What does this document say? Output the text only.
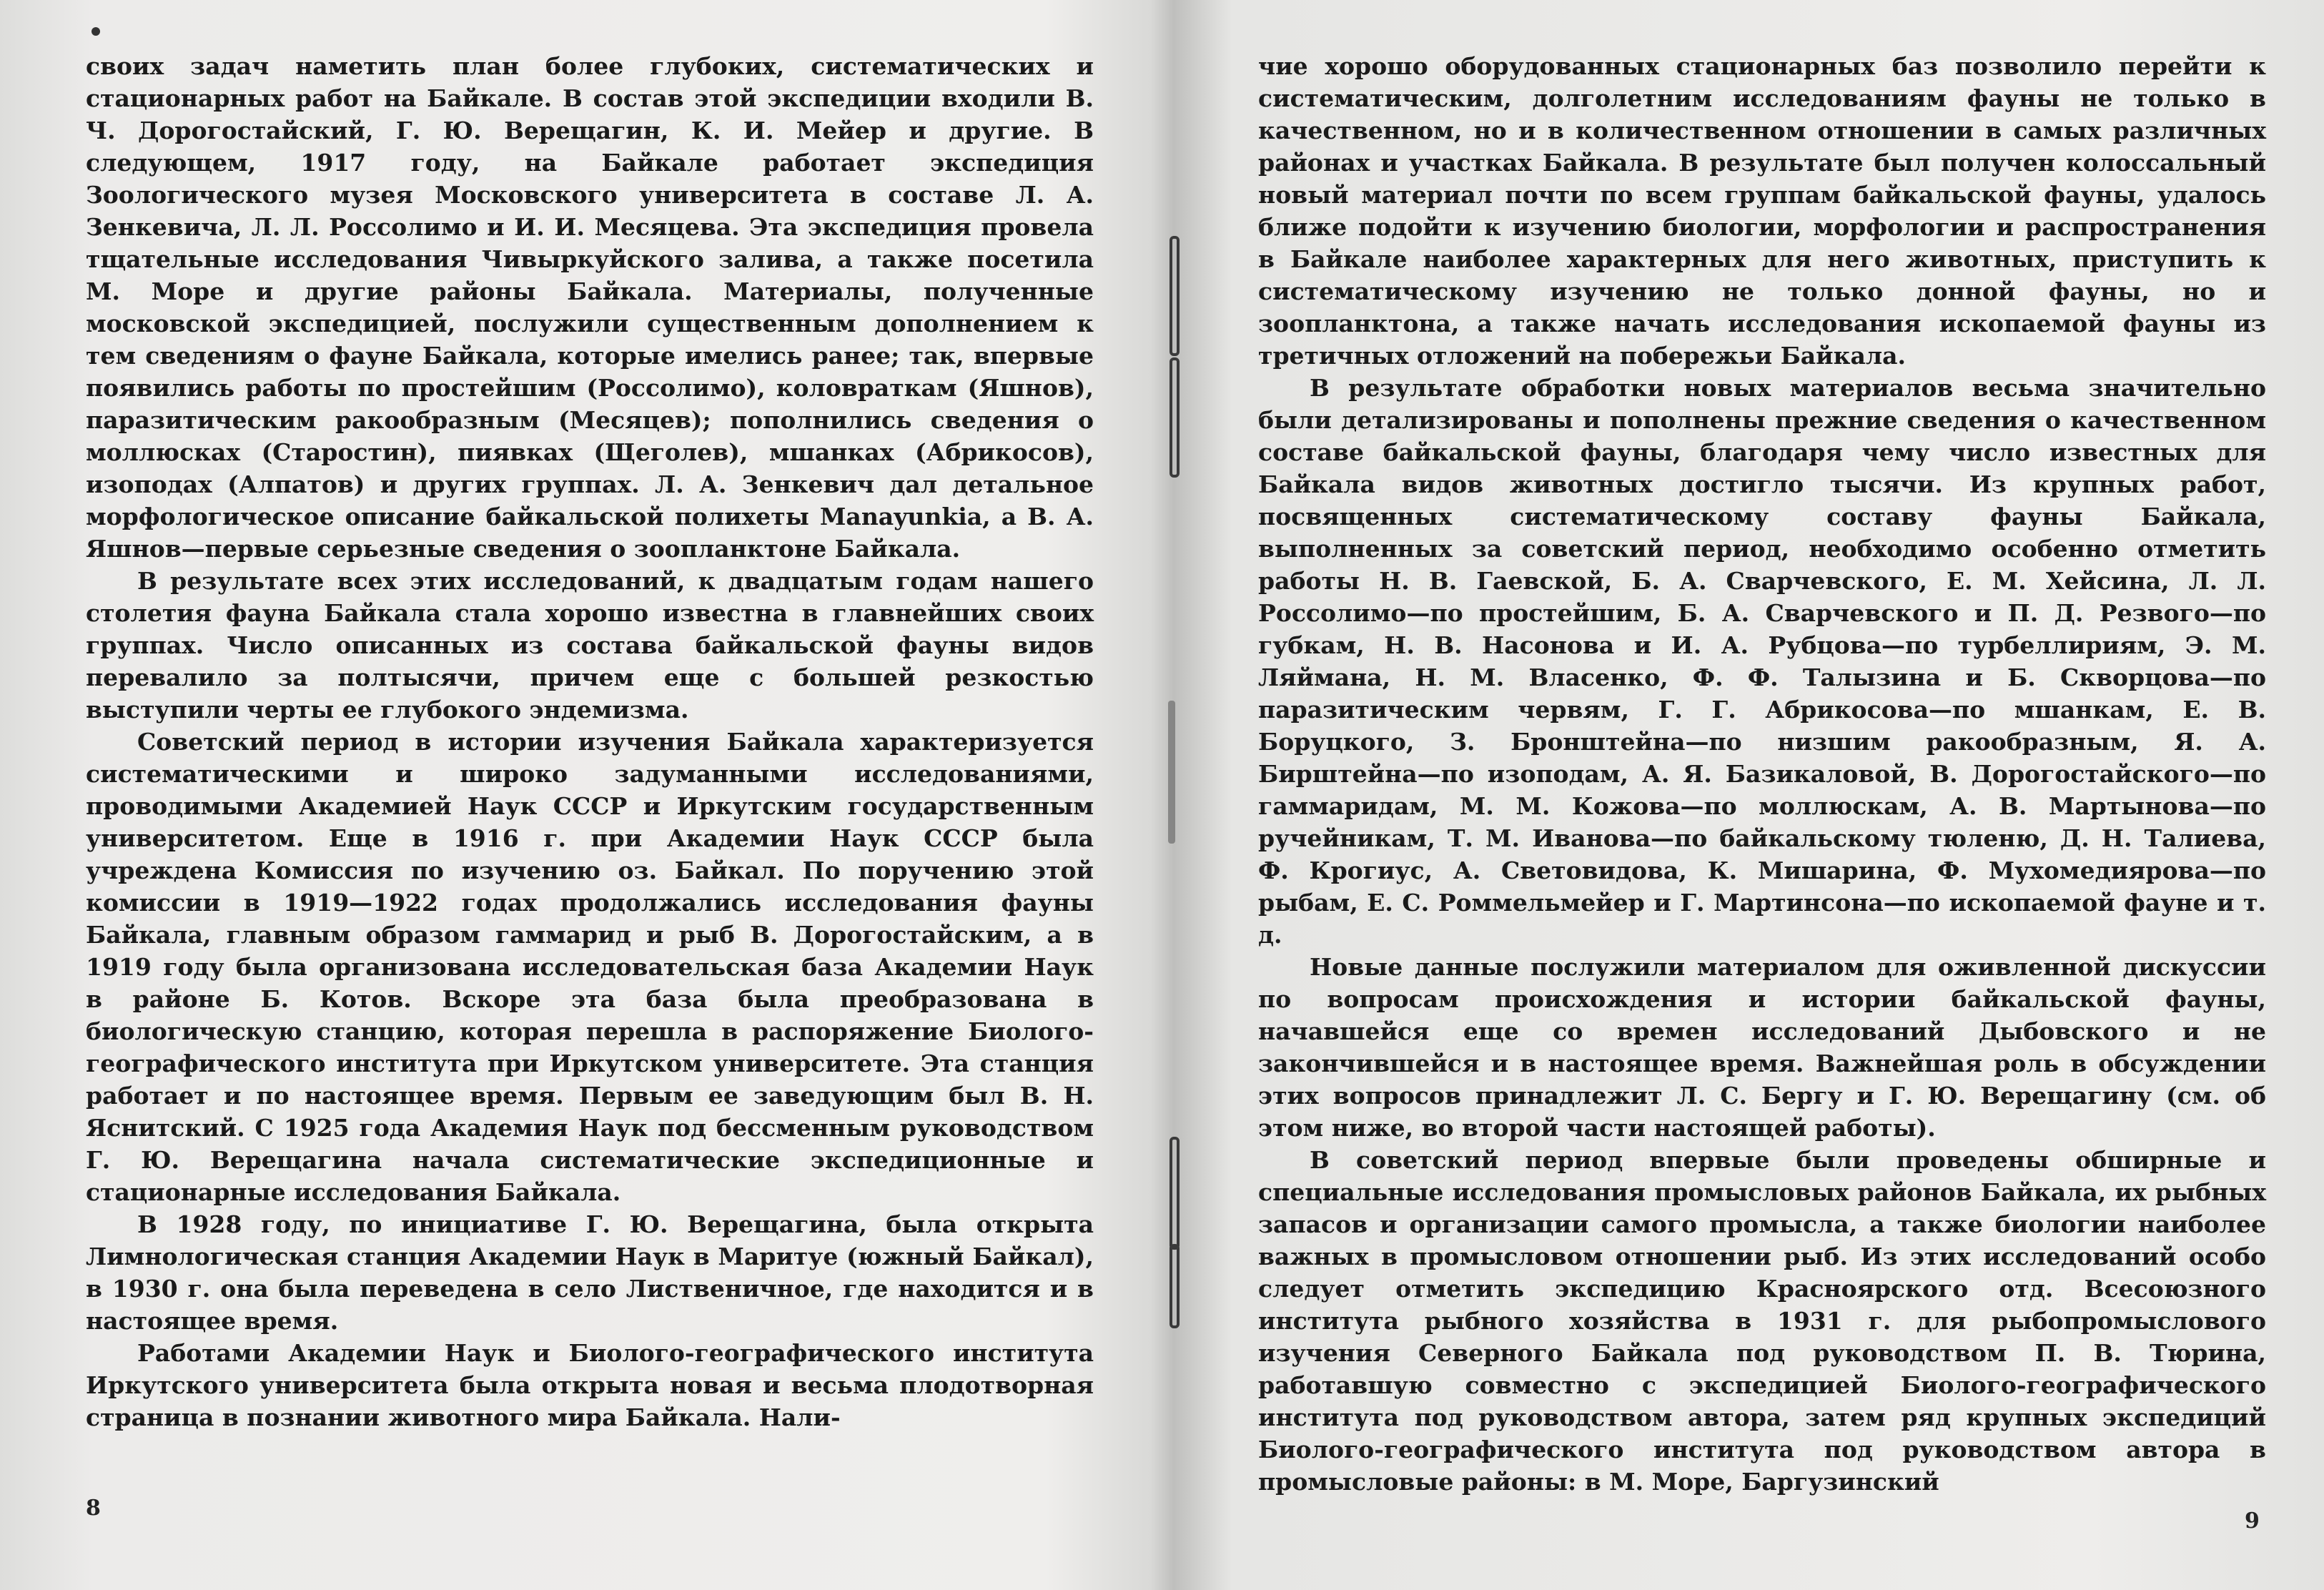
своих задач наметить план более глубоких, систематических и стационарных работ на Байкале. В состав этой экспедиции входили В. Ч. Дорогостайский, Г. Ю. Верещагин, К. И. Мейер и другие. В следующем, 1917 году, на Байкале работает экспедиция Зоологического музея Московского университета в составе Л. А. Зенкевича, Л. Л. Россолимо и И. И. Месяцева. Эта экспедиция провела тщательные исследования Чивыркуйского залива, а также посетила М. Море и другие районы Байкала. Материалы, полученные московской экспедицией, послужили существенным дополнением к тем сведениям о фауне Байкала, которые имелись ранее; так, впервые появились работы по простейшим (Россолимо), коловраткам (Яшнов), паразитическим ракообразным (Месяцев); пополнились сведения о моллюсках (Старостин), пиявках (Щеголев), мшанках (Абрикосов), изоподах (Алпатов) и других группах. Л. А. Зенкевич дал детальное морфологическое описание байкальской полихеты Manayunkia, а В. А. Яшнов—первые серьезные сведения о зоопланктоне Байкала.

В результате всех этих исследований, к двадцатым годам нашего столетия фауна Байкала стала хорошо известна в главнейших своих группах. Число описанных из состава байкальской фауны видов перевалило за полтысячи, причем еще с большей резкостью выступили черты ее глубокого эндемизма.

Советский период в истории изучения Байкала характеризуется систематическими и широко задуманными исследованиями, проводимыми Академией Наук СССР и Иркутским государственным университетом. Еще в 1916 г. при Академии Наук СССР была учреждена Комиссия по изучению оз. Байкал. По поручению этой комиссии в 1919—1922 годах продолжались исследования фауны Байкала, главным образом гаммарид и рыб В. Дорогостайским, а в 1919 году была организована исследовательская база Академии Наук в районе Б. Котов. Вскоре эта база была преобразована в биологическую станцию, которая перешла в распоряжение Биолого-географического института при Иркутском университете. Эта станция работает и по настоящее время. Первым ее заведующим был В. Н. Яснитский. С 1925 года Академия Наук под бессменным руководством Г. Ю. Верещагина начала систематические экспедиционные и стационарные исследования Байкала.

В 1928 году, по инициативе Г. Ю. Верещагина, была открыта Лимнологическая станция Академии Наук в Маритуе (южный Байкал), в 1930 г. она была переведена в село Лиственичное, где находится и в настоящее время.

Работами Академии Наук и Биолого-географического института Иркутского университета была открыта новая и весьма плодотворная страница в познании животного мира Байкала. Нали-

8

чие хорошо оборудованных стационарных баз позволило перейти к систематическим, долголетним исследованиям фауны не только в качественном, но и в количественном отношении в самых различных районах и участках Байкала. В результате был получен колоссальный новый материал почти по всем группам байкальской фауны, удалось ближе подойти к изучению биологии, морфологии и распространения в Байкале наиболее характерных для него животных, приступить к систематическому изучению не только донной фауны, но и зоопланктона, а также начать исследования ископаемой фауны из третичных отложений на побережьи Байкала.

В результате обработки новых материалов весьма значительно были детализированы и пополнены прежние сведения о качественном составе байкальской фауны, благодаря чему число известных для Байкала видов животных достигло тысячи. Из крупных работ, посвященных систематическому составу фауны Байкала, выполненных за советский период, необходимо особенно отметить работы Н. В. Гаевской, Б. А. Сварчевского, Е. М. Хейсина, Л. Л. Россолимо—по простейшим, Б. А. Сварчевского и П. Д. Резвого—по губкам, Н. В. Насонова и И. А. Рубцова—по турбеллириям, Э. М. Ляймана, Н. М. Власенко, Ф. Ф. Талызина и Б. Скворцова—по паразитическим червям, Г. Г. Абрикосова—по мшанкам, Е. В. Боруцкого, З. Бронштейна—по низшим ракообразным, Я. А. Бирштейна—по изоподам, А. Я. Базикаловой, В. Дорогостайского—по гаммаридам, М. М. Кожова—по моллюскам, А. В. Мартынова—по ручейникам, Т. М. Иванова—по байкальскому тюленю, Д. Н. Талиева, Ф. Крогиус, А. Световидова, К. Мишарина, Ф. Мухомедиярова—по рыбам, Е. С. Роммельмейер и Г. Мартинсона—по ископаемой фауне и т. д.

Новые данные послужили материалом для оживленной дискуссии по вопросам происхождения и истории байкальской фауны, начавшейся еще со времен исследований Дыбовского и не закончившейся и в настоящее время. Важнейшая роль в обсуждении этих вопросов принадлежит Л. С. Бергу и Г. Ю. Верещагину (см. об этом ниже, во второй части настоящей работы).

В советский период впервые были проведены обширные и специальные исследования промысловых районов Байкала, их рыбных запасов и организации самого промысла, а также биологии наиболее важных в промысловом отношении рыб. Из этих исследований особо следует отметить экспедицию Красноярского отд. Всесоюзного института рыбного хозяйства в 1931 г. для рыбопромыслового изучения Северного Байкала под руководством П. В. Тюрина, работавшую совместно с экспедицией Биолого-географического института под руководством автора, затем ряд крупных экспедиций Биолого-географического института под руководством автора в промысловые районы: в М. Море, Баргузинский

9
